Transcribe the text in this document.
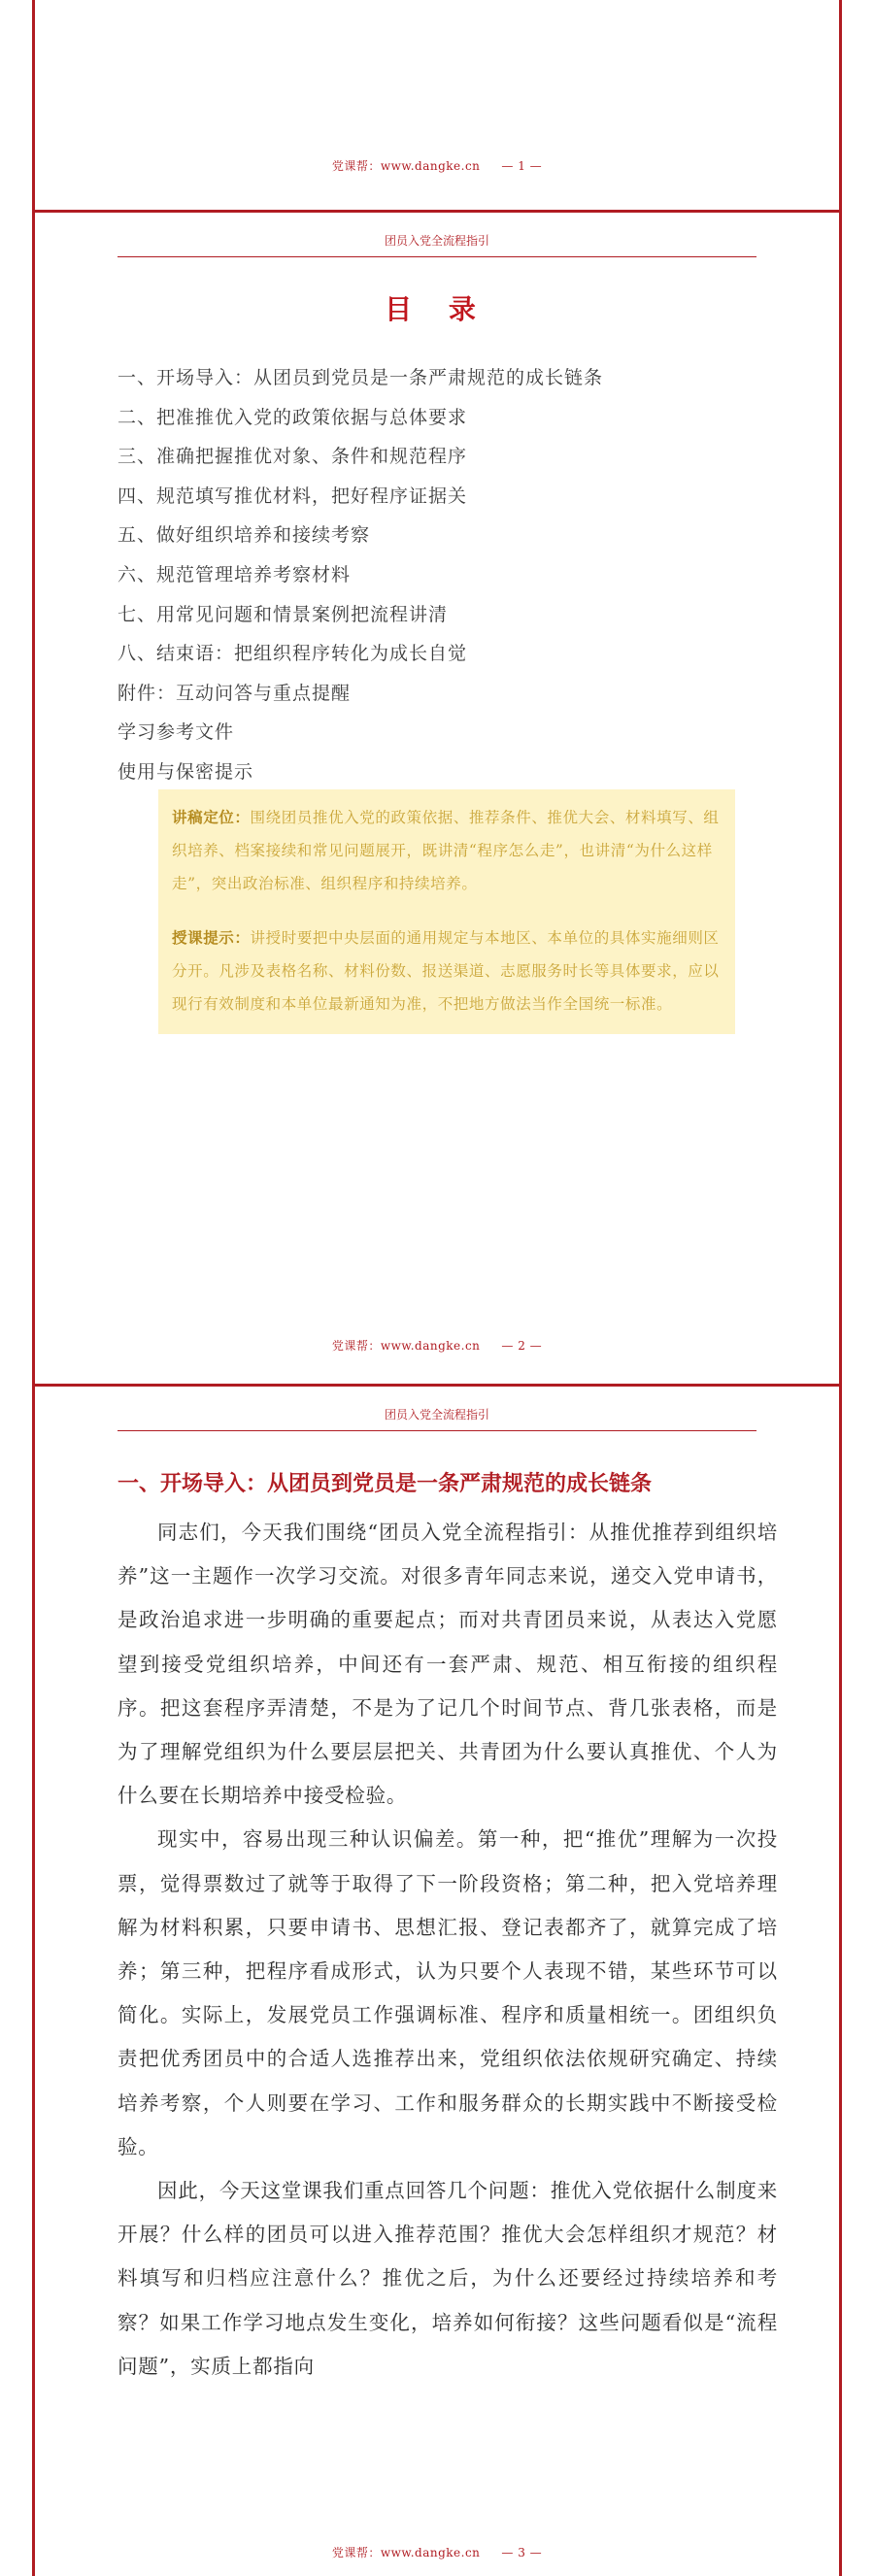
党课帮：www.dangke.cn — 1 —
团员入党全流程指引
目 录
一、开场导入：从团员到党员是一条严肃规范的成长链条
二、把准推优入党的政策依据与总体要求
三、准确把握推优对象、条件和规范程序
四、规范填写推优材料，把好程序证据关
五、做好组织培养和接续考察
六、规范管理培养考察材料
七、用常见问题和情景案例把流程讲清
八、结束语：把组织程序转化为成长自觉
附件：互动问答与重点提醒
学习参考文件
使用与保密提示

讲稿定位：围绕团员推优入党的政策依据、推荐条件、推优大会、材料填写、组织培养、档案接续和常见问题展开，既讲清“程序怎么走”，也讲清“为什么这样走”，突出政治标准、组织程序和持续培养。

授课提示：讲授时要把中央层面的通用规定与本地区、本单位的具体实施细则区分开。凡涉及表格名称、材料份数、报送渠道、志愿服务时长等具体要求，应以现行有效制度和本单位最新通知为准，不把地方做法当作全国统一标准。

党课帮：www.dangke.cn — 2 —
团员入党全流程指引
一、开场导入：从团员到党员是一条严肃规范的成长链条

同志们，今天我们围绕“团员入党全流程指引：从推优推荐到组织培养”这一主题作一次学习交流。对很多青年同志来说，递交入党申请书，是政治追求进一步明确的重要起点；而对共青团员来说，从表达入党愿望到接受党组织培养，中间还有一套严肃、规范、相互衔接的组织程序。把这套程序弄清楚，不是为了记几个时间节点、背几张表格，而是为了理解党组织为什么要层层把关、共青团为什么要认真推优、个人为什么要在长期培养中接受检验。

现实中，容易出现三种认识偏差。第一种，把“推优”理解为一次投票，觉得票数过了就等于取得了下一阶段资格；第二种，把入党培养理解为材料积累，只要申请书、思想汇报、登记表都齐了，就算完成了培养；第三种，把程序看成形式，认为只要个人表现不错，某些环节可以简化。实际上，发展党员工作强调标准、程序和质量相统一。团组织负责把优秀团员中的合适人选推荐出来，党组织依法依规研究确定、持续培养考察，个人则要在学习、工作和服务群众的长期实践中不断接受检验。

因此，今天这堂课我们重点回答几个问题：推优入党依据什么制度来开展？什么样的团员可以进入推荐范围？推优大会怎样组织才规范？材料填写和归档应注意什么？推优之后，为什么还要经过持续培养和考察？如果工作学习地点发生变化，培养如何衔接？这些问题看似是“流程问题”，实质上都指向

党课帮：www.dangke.cn — 3 —
